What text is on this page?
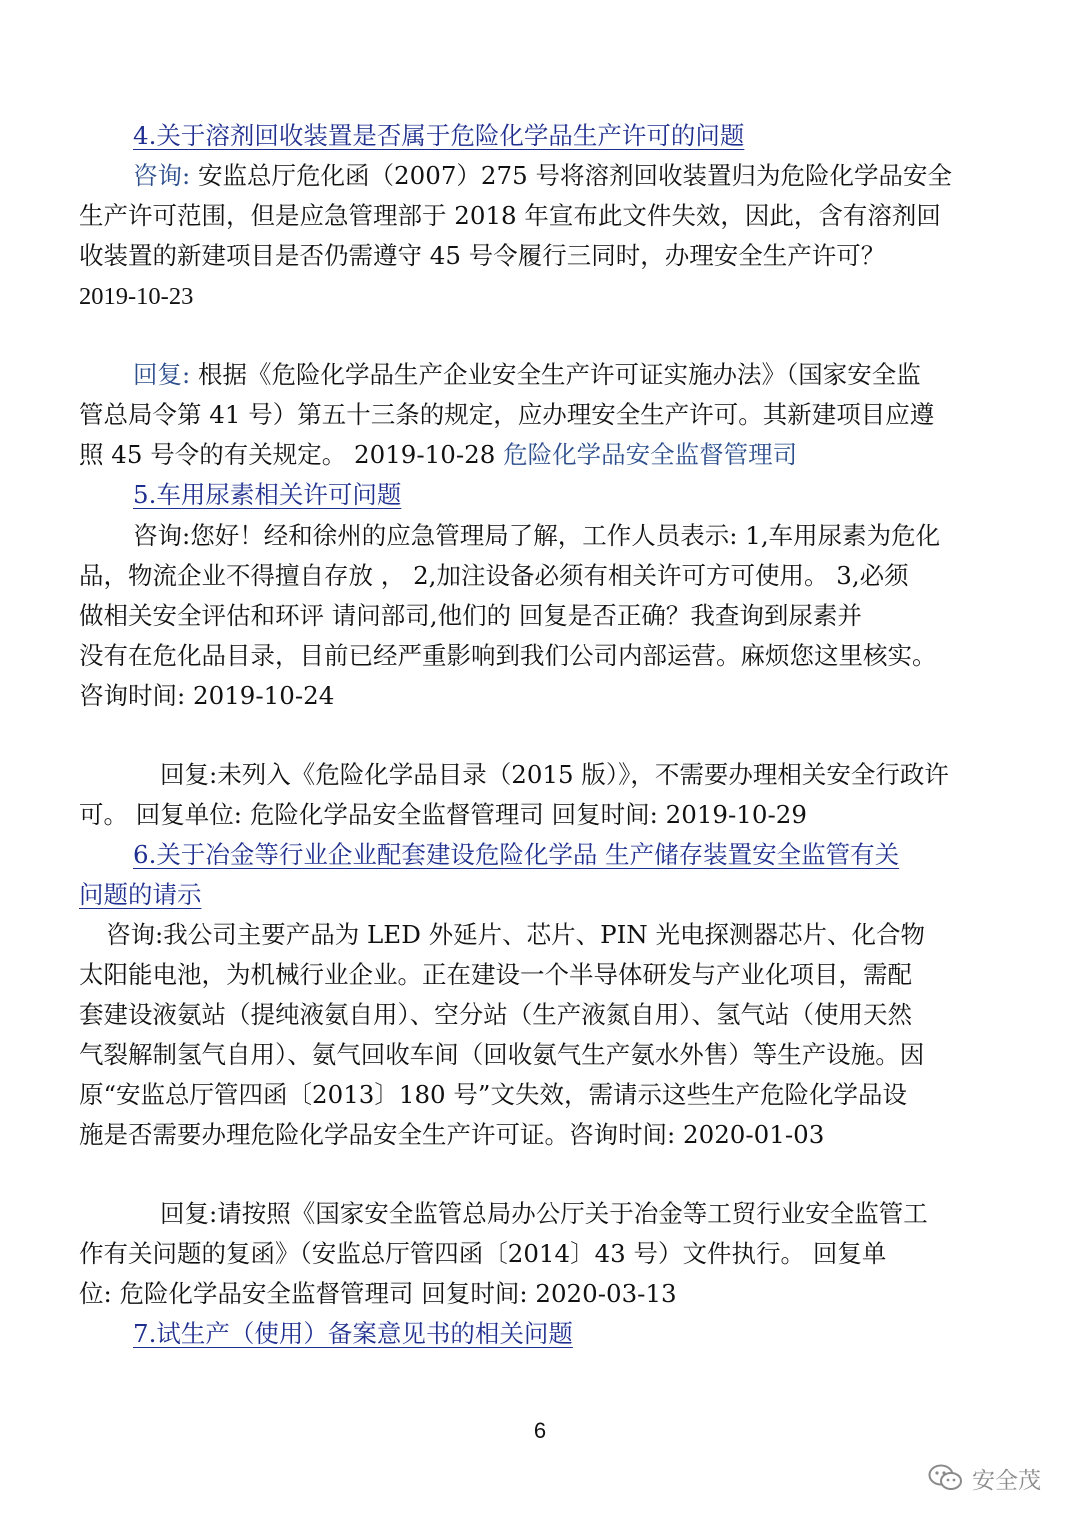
4.关于溶剂回收装置是否属于危险化学品生产许可的问题
咨询: 安监总厅危化函（2007）275 号将溶剂回收装置归为危险化学品安全
生产许可范围，但是应急管理部于 2018 年宣布此文件失效，因此，含有溶剂回
收装置的新建项目是否仍需遵守 45 号令履行三同时，办理安全生产许可？
2019-10-23
回复: 根据《危险化学品生产企业安全生产许可证实施办法》（国家安全监
管总局令第 41 号）第五十三条的规定，应办理安全生产许可。其新建项目应遵
照 45 号令的有关规定。 2019-10-28 危险化学品安全监督管理司
5.车用尿素相关许可问题
咨询:您好！经和徐州的应急管理局了解，工作人员表示: 1,车用尿素为危化
品，物流企业不得擅自存放 ， 2,加注设备必须有相关许可方可使用。 3,必须
做相关安全评估和环评 请问部司,他们的 回复是否正确？我查询到尿素并
没有在危化品目录，目前已经严重影响到我们公司内部运营。麻烦您这里核实。
咨询时间: 2019-10-24
回复:未列入《危险化学品目录（2015 版）》，不需要办理相关安全行政许
可。 回复单位: 危险化学品安全监督管理司 回复时间: 2019-10-29
6.关于冶金等行业企业配套建设危险化学品 生产储存装置安全监管有关
问题的请示
咨询:我公司主要产品为 LED 外延片、芯片、PIN 光电探测器芯片、化合物
太阳能电池，为机械行业企业。正在建设一个半导体研发与产业化项目，需配
套建设液氨站（提纯液氨自用）、空分站（生产液氮自用）、氢气站（使用天然
气裂解制氢气自用）、氨气回收车间（回收氨气生产氨水外售）等生产设施。因
原“安监总厅管四函〔2013〕180 号”文失效，需请示这些生产危险化学品设
施是否需要办理危险化学品安全生产许可证。咨询时间: 2020-01-03
回复:请按照《国家安全监管总局办公厅关于冶金等工贸行业安全监管工
作有关问题的复函》（安监总厅管四函〔2014〕43 号）文件执行。 回复单
位: 危险化学品安全监督管理司 回复时间: 2020-03-13
7.试生产（使用）备案意见书的相关问题
6
安全茂
